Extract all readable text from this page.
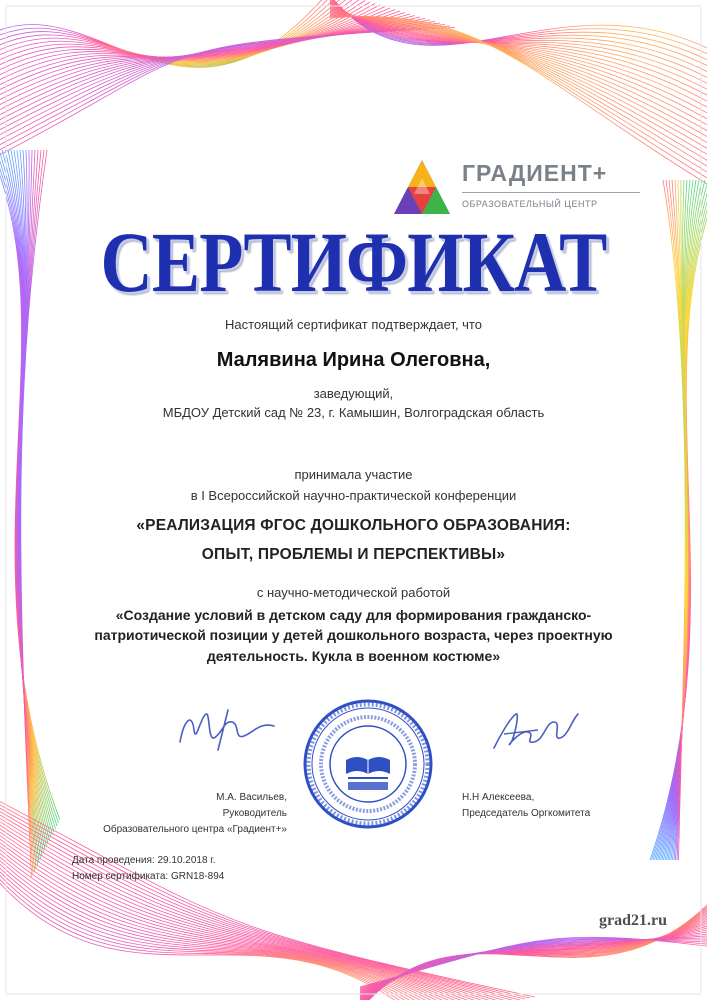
ГРАДИЕНТ+
ОБРАЗОВАТЕЛЬНЫЙ ЦЕНТР
СЕРТИФИКАТ
Настоящий сертификат подтверждает, что
Малявина Ирина Олеговна,
заведующий,
МБДОУ Детский сад № 23, г. Камышин, Волгоградская область
принимала участие
в I Всероссийской научно-практической конференции
«РЕАЛИЗАЦИЯ ФГОС ДОШКОЛЬНОГО ОБРАЗОВАНИЯ:
ОПЫТ, ПРОБЛЕМЫ И ПЕРСПЕКТИВЫ»
с научно-методической работой
«Создание условий в детском саду для формирования гражданско-
патриотической позиции у детей дошкольного возраста, через проектную
деятельность. Кукла в военном костюме»
М.А. Васильев,
Руководитель
Образовательного центра «Градиент+»
Н.Н Алексеева,
Председатель Оргкомитета
Дата проведения: 29.10.2018 г.
Номер сертификата: GRN18-894
grad21.ru
